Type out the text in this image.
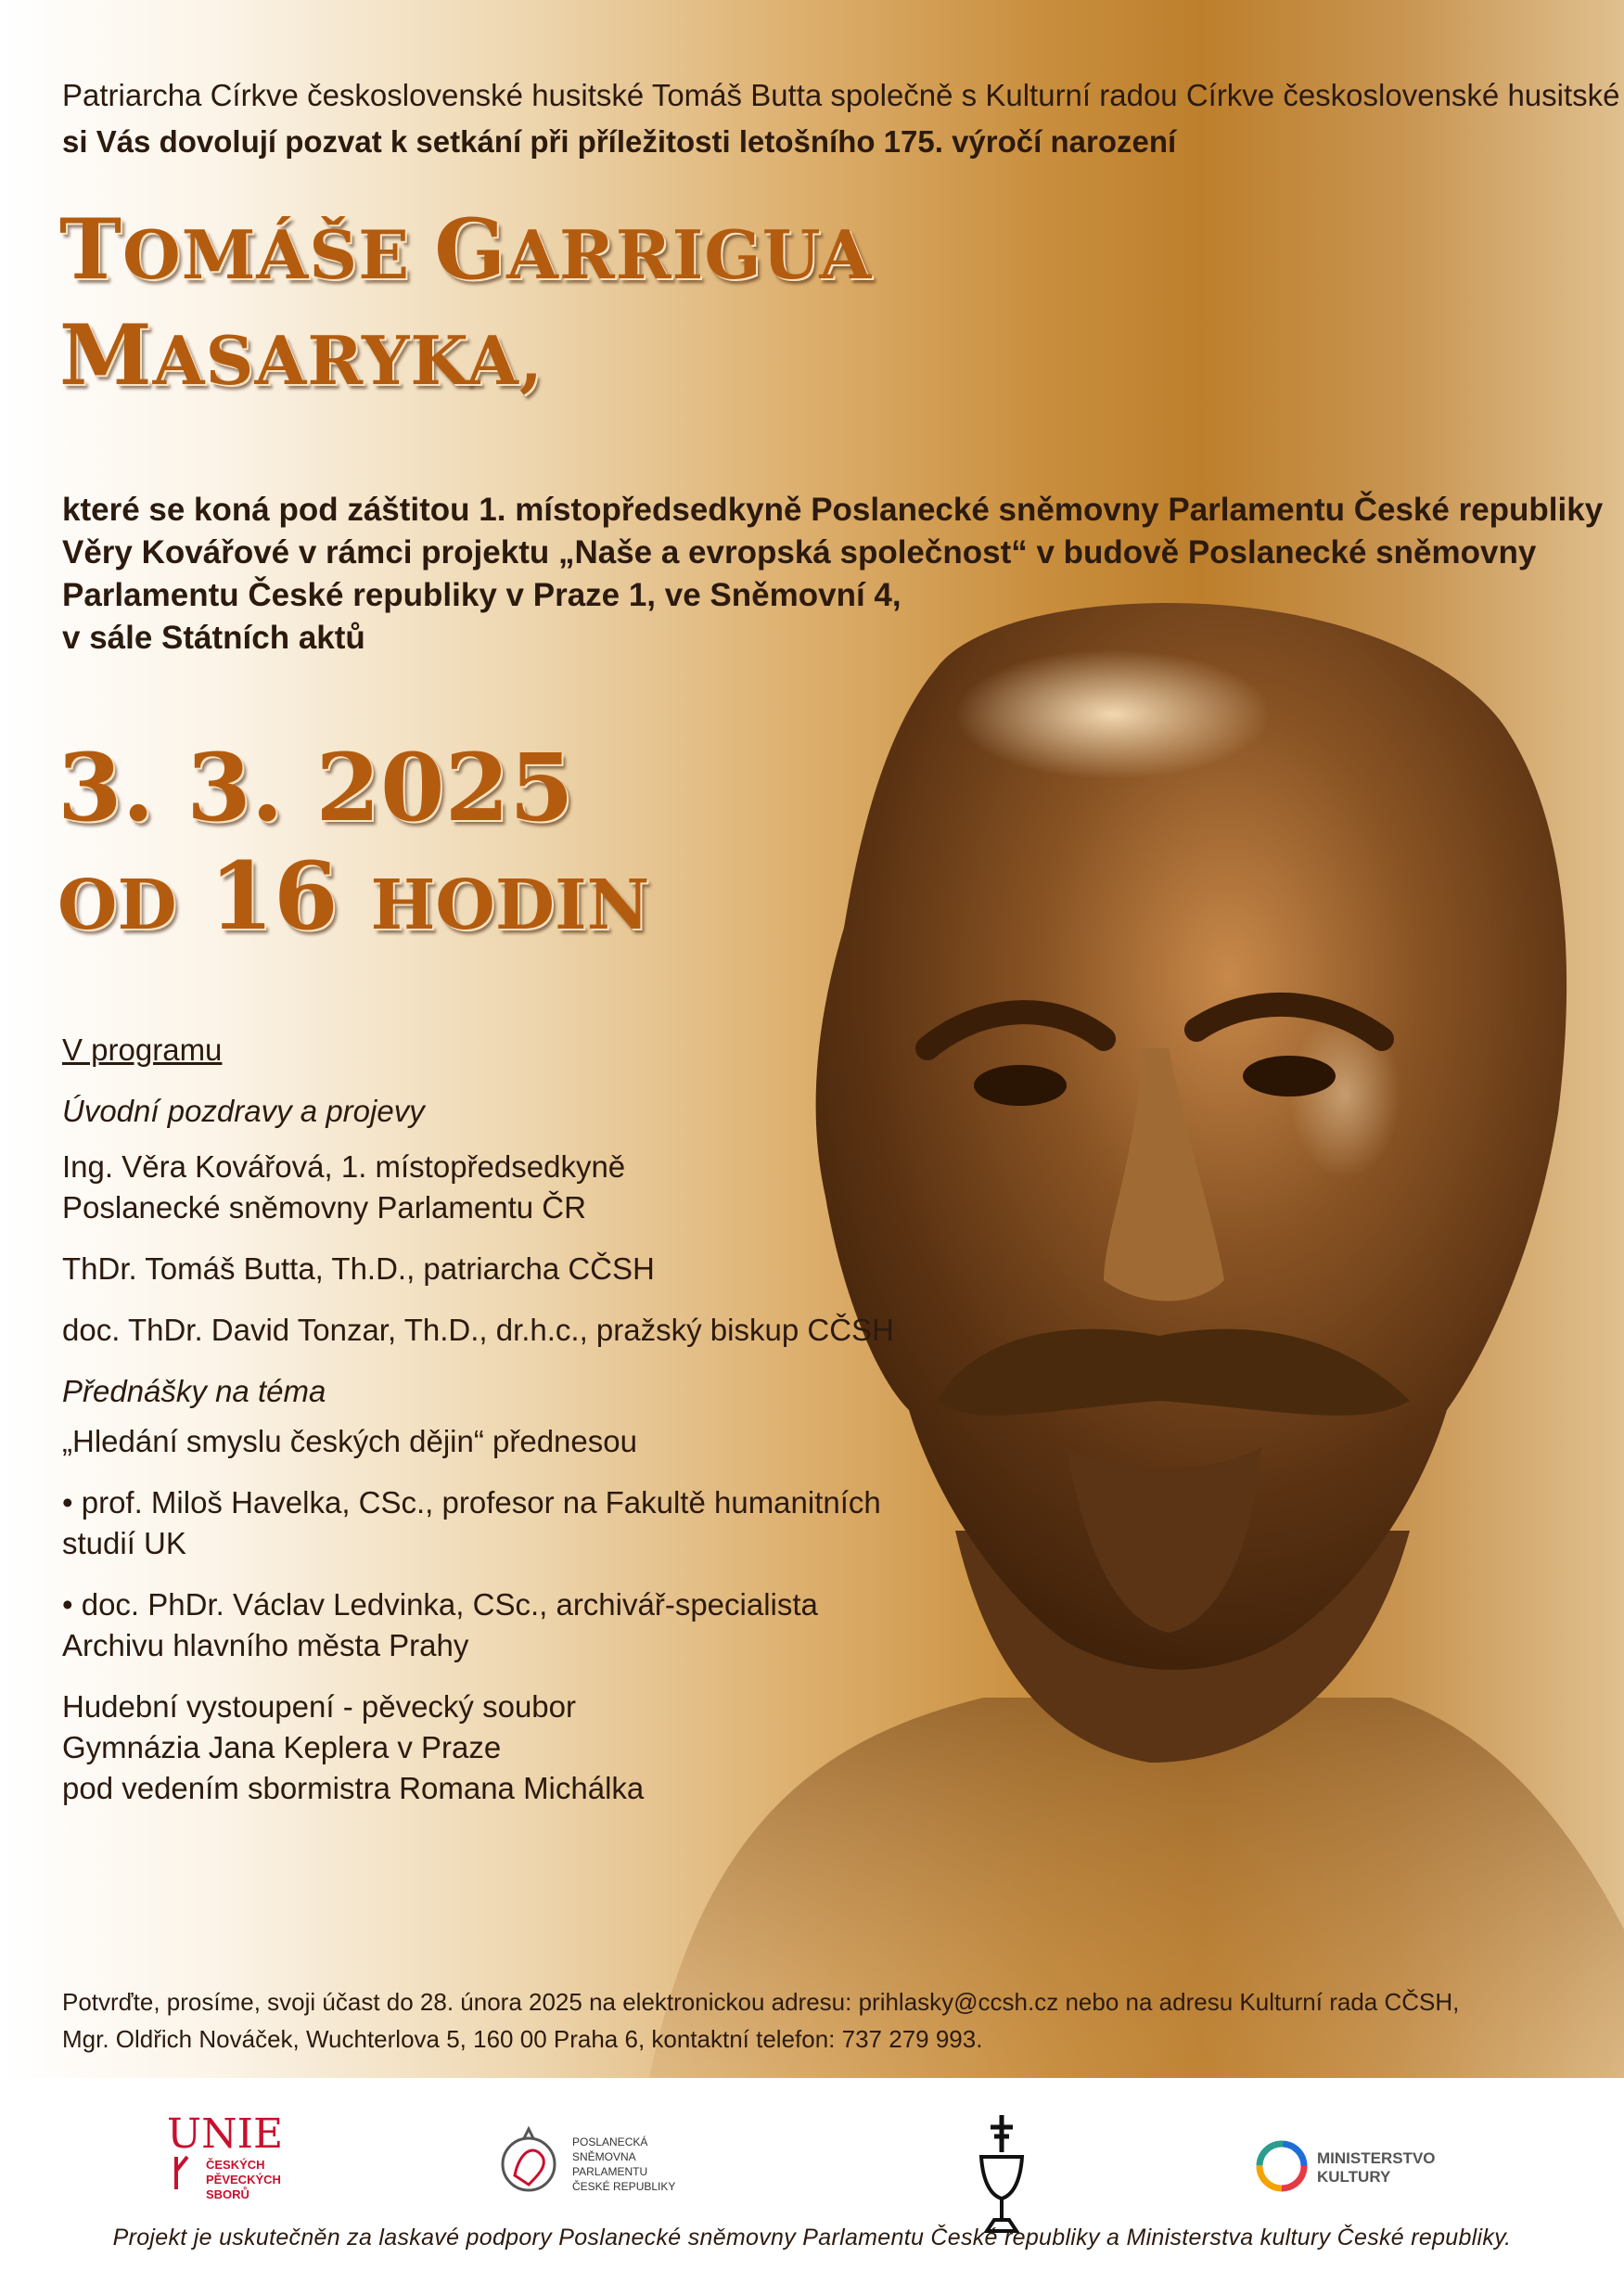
Patriarcha Církve československé husitské Tomáš Butta společně s Kulturní radou Církve československé husitské

si Vás dovolují pozvat k setkání při příležitosti letošního 175. výročí narození

TOMÁŠE GARRIGUA
MASARYKA,

které se koná pod záštitou 1. místopředsedkyně Poslanecké sněmovny Parlamentu České republiky

Věry Kovářové v rámci projektu „Naše a evropská společnost“ v budově Poslanecké sněmovny

Parlamentu České republiky v Praze 1, ve Sněmovní 4,

v sále Státních aktů

3. 3. 2025
OD 16 HODIN

V programu

Úvodní pozdravy a projevy

Ing. Věra Kovářová, 1. místopředsedkyně
Poslanecké sněmovny Parlamentu ČR

ThDr. Tomáš Butta, Th.D., patriarcha CČSH

doc. ThDr. David Tonzar, Th.D., dr.h.c., pražský biskup CČSH

Přednášky na téma

„Hledání smyslu českých dějin“ přednesou

• prof. Miloš Havelka, CSc., profesor na Fakultě humanitních
studií UK

• doc. PhDr. Václav Ledvinka, CSc., archivář-specialista
Archivu hlavního města Prahy

Hudební vystoupení - pěvecký soubor
Gymnázia Jana Keplera v Praze
pod vedením sbormistra Romana Michálka

Potvrďte, prosíme, svoji účast do 28. února 2025 na elektronickou adresu: prihlasky@ccsh.cz nebo na adresu Kulturní rada CČSH,

Mgr. Oldřich Nováček, Wuchterlova 5, 160 00 Praha 6, kontaktní telefon: 737 279 993.

UNIE
ČESKÝCH
PĚVECKÝCH
SBORŮ
POSLANECKÁ
SNĚMOVNA
PARLAMENTU
ČESKÉ REPUBLIKY
MINISTERSTVO
KULTURY
Projekt je uskutečněn za laskavé podpory Poslanecké sněmovny Parlamentu České republiky a Ministerstva kultury České republiky.
